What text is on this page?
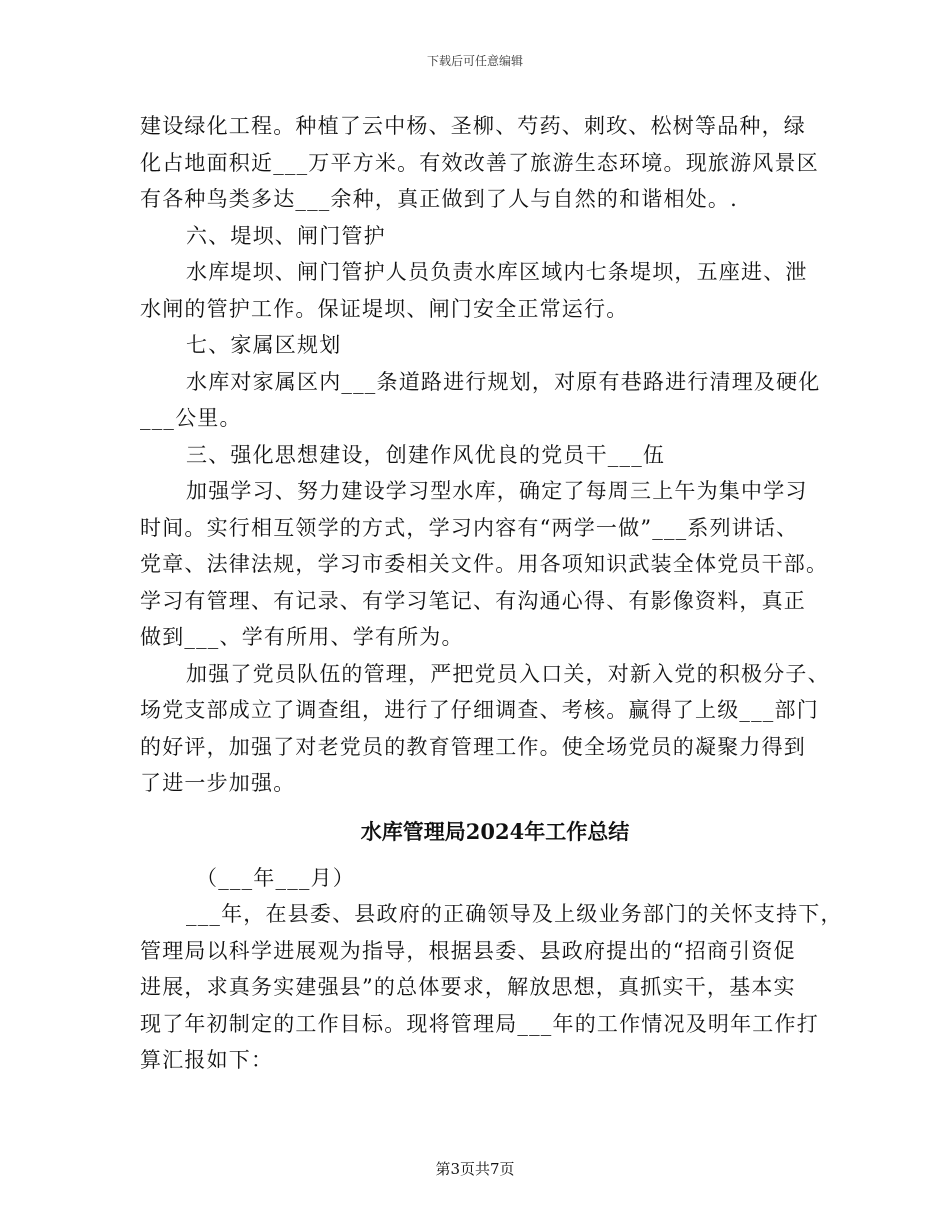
下载后可任意编辑
建设绿化工程。种植了云中杨、圣柳、芍药、刺玫、松树等品种，绿
化占地面积近___万平方米。有效改善了旅游生态环境。现旅游风景区
有各种鸟类多达___余种，真正做到了人与自然的和谐相处。.
六、堤坝、闸门管护
水库堤坝、闸门管护人员负责水库区域内七条堤坝，五座进、泄
水闸的管护工作。保证堤坝、闸门安全正常运行。
七、家属区规划
水库对家属区内___条道路进行规划，对原有巷路进行清理及硬化
___公里。
三、强化思想建设，创建作风优良的党员干___伍
加强学习、努力建设学习型水库，确定了每周三上午为集中学习
时间。实行相互领学的方式，学习内容有“两学一做”___系列讲话、
党章、法律法规，学习市委相关文件。用各项知识武装全体党员干部。
学习有管理、有记录、有学习笔记、有沟通心得、有影像资料，真正
做到___、学有所用、学有所为。
加强了党员队伍的管理，严把党员入口关，对新入党的积极分子、
场党支部成立了调查组，进行了仔细调查、考核。赢得了上级___部门
的好评，加强了对老党员的教育管理工作。使全场党员的凝聚力得到
了进一步加强。
水库管理局2024年工作总结
（___年___月）
___年，在县委、县政府的正确领导及上级业务部门的关怀支持下，
管理局以科学进展观为指导，根据县委、县政府提出的“招商引资促
进展，求真务实建强县”的总体要求，解放思想，真抓实干，基本实
现了年初制定的工作目标。现将管理局___年的工作情况及明年工作打
算汇报如下：
第3页共7页
